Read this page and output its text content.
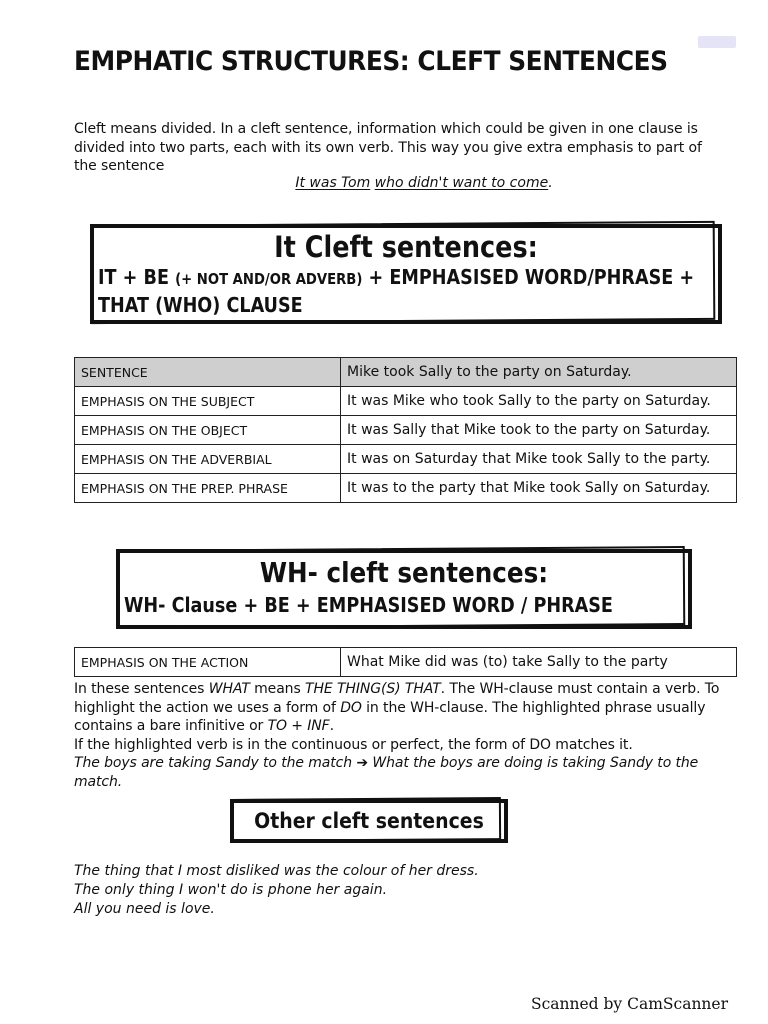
EMPHATIC STRUCTURES: CLEFT SENTENCES

Cleft means divided. In a cleft sentence, information which could be given in one clause is divided into two parts, each with its own verb. This way you give extra emphasis to part of the sentence

It was Tom who didn't want to come.
It Cleft sentences:

IT + BE (+ NOT AND/OR ADVERB) + EMPHASISED WORD/PHRASE +
THAT (WHO) CLAUSE

SENTENCE	Mike took Sally to the party on Saturday.
EMPHASIS ON THE SUBJECT	It was Mike who took Sally to the party on Saturday.
EMPHASIS ON THE OBJECT	It was Sally that Mike took to the party on Saturday.
EMPHASIS ON THE ADVERBIAL	It was on Saturday that Mike took Sally to the party.
EMPHASIS ON THE PREP. PHRASE	It was to the party that Mike took Sally on Saturday.
WH- cleft sentences:

WH- Clause + BE + EMPHASISED WORD / PHRASE

EMPHASIS ON THE ACTION	What Mike did was (to) take Sally to the party

In these sentences WHAT means THE THING(S) THAT. The WH-clause must contain a verb. To highlight the action we uses a form of DO in the WH-clause. The highlighted phrase usually contains a bare infinitive or TO + INF.

If the highlighted verb is in the continuous or perfect, the form of DO matches it.

The boys are taking Sandy to the match ➔ What the boys are doing is taking Sandy to the match.

Other cleft sentences
The thing that I most disliked was the colour of her dress.
The only thing I won't do is phone her again.
All you need is love.

Scanned by CamScanner
